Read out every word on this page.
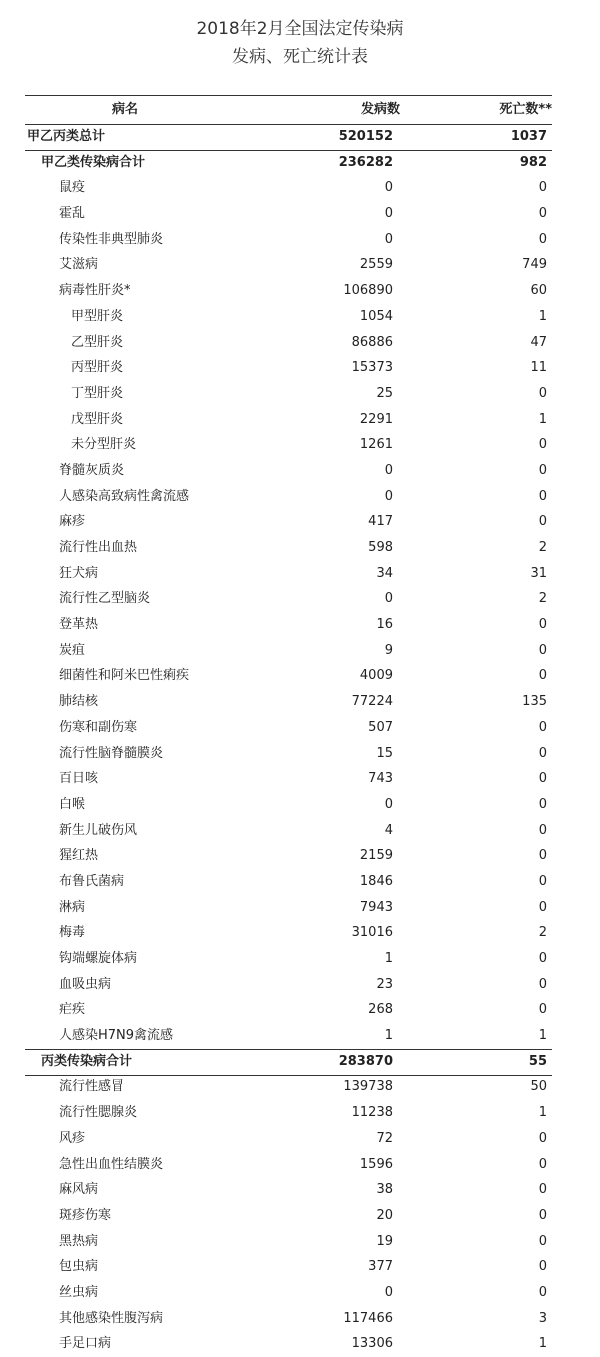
2018年2月全国法定传染病
发病、死亡统计表
病名	发病数	死亡数**
甲乙丙类总计	520152	1037
甲乙类传染病合计	236282	982
鼠疫	0	0
霍乱	0	0
传染性非典型肺炎	0	0
艾滋病	2559	749
病毒性肝炎*	106890	60
甲型肝炎	1054	1
乙型肝炎	86886	47
丙型肝炎	15373	11
丁型肝炎	25	0
戊型肝炎	2291	1
未分型肝炎	1261	0
脊髓灰质炎	0	0
人感染高致病性禽流感	0	0
麻疹	417	0
流行性出血热	598	2
狂犬病	34	31
流行性乙型脑炎	0	2
登革热	16	0
炭疽	9	0
细菌性和阿米巴性痢疾	4009	0
肺结核	77224	135
伤寒和副伤寒	507	0
流行性脑脊髓膜炎	15	0
百日咳	743	0
白喉	0	0
新生儿破伤风	4	0
猩红热	2159	0
布鲁氏菌病	1846	0
淋病	7943	0
梅毒	31016	2
钩端螺旋体病	1	0
血吸虫病	23	0
疟疾	268	0
人感染H7N9禽流感	1	1
丙类传染病合计	283870	55
流行性感冒	139738	50
流行性腮腺炎	11238	1
风疹	72	0
急性出血性结膜炎	1596	0
麻风病	38	0
斑疹伤寒	20	0
黑热病	19	0
包虫病	377	0
丝虫病	0	0
其他感染性腹泻病	117466	3
手足口病	13306	1
